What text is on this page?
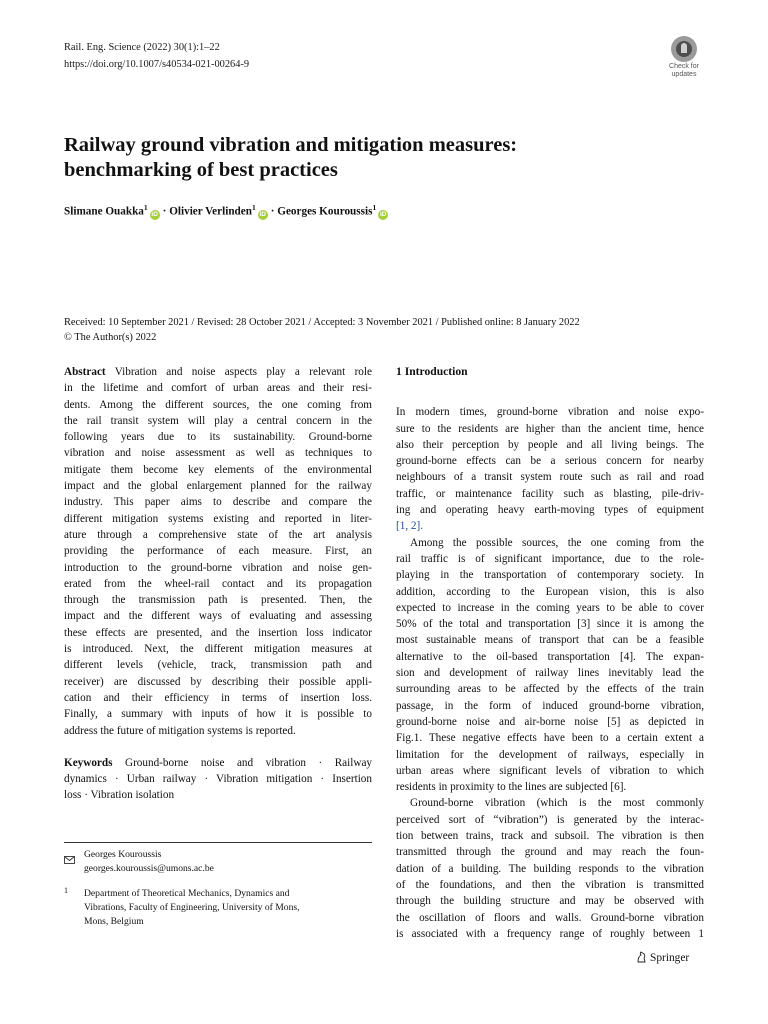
Rail. Eng. Science (2022) 30(1):1–22
https://doi.org/10.1007/s40534-021-00264-9	Check for
updates
Railway ground vibration and mitigation measures:
benchmarking of best practices
Slimane Ouakka$^1$iD · Olivier Verlinden$^1$iD · Georges Kouroussis$^1$iD
Received: 10 September 2021 / Revised: 28 October 2021 / Accepted: 3 November 2021 / Published online: 8 January 2022
© The Author(s) 2022
Abstract Vibration and noise aspects play a relevant role
in the lifetime and comfort of urban areas and their resi-
dents. Among the different sources, the one coming from
the rail transit system will play a central concern in the
following years due to its sustainability. Ground-borne
vibration and noise assessment as well as techniques to
mitigate them become key elements of the environmental
impact and the global enlargement planned for the railway
industry. This paper aims to describe and compare the
different mitigation systems existing and reported in liter-
ature through a comprehensive state of the art analysis
providing the performance of each measure. First, an
introduction to the ground-borne vibration and noise gen-
erated from the wheel-rail contact and its propagation
through the transmission path is presented. Then, the
impact and the different ways of evaluating and assessing
these effects are presented, and the insertion loss indicator
is introduced. Next, the different mitigation measures at
different levels (vehicle, track, transmission path and
receiver) are discussed by describing their possible appli-
cation and their efficiency in terms of insertion loss.
Finally, a summary with inputs of how it is possible to
address the future of mitigation systems is reported.
Keywords Ground-borne noise and vibration · Railway
dynamics · Urban railway · Vibration mitigation · Insertion
loss · Vibration isolation
Georges Kouroussis
georges.kouroussis@umons.ac.be
1 Department of Theoretical Mechanics, Dynamics and
Vibrations, Faculty of Engineering, University of Mons,
Mons, Belgium
1 Introduction
In modern times, ground-borne vibration and noise expo-
sure to the residents are higher than the ancient time, hence
also their perception by people and all living beings. The
ground-borne effects can be a serious concern for nearby
neighbours of a transit system route such as rail and road
traffic, or maintenance facility such as blasting, pile-driv-
ing and operating heavy earth-moving types of equipment
[1, 2].
Among the possible sources, the one coming from the
rail traffic is of significant importance, due to the role-
playing in the transportation of contemporary society. In
addition, according to the European vision, this is also
expected to increase in the coming years to be able to cover
50% of the total and transportation [3] since it is among the
most sustainable means of transport that can be a feasible
alternative to the oil-based transportation [4]. The expan-
sion and development of railway lines inevitably lead the
surrounding areas to be affected by the effects of the train
passage, in the form of induced ground-borne vibration,
ground-borne noise and air-borne noise [5] as depicted in
Fig.1. These negative effects have been to a certain extent a
limitation for the development of railways, especially in
urban areas where significant levels of vibration to which
residents in proximity to the lines are subjected [6].
Ground-borne vibration (which is the most commonly
perceived sort of “vibration”) is generated by the interac-
tion between trains, track and subsoil. The vibration is then
transmitted through the ground and may reach the foun-
dation of a building. The building responds to the vibration
of the foundations, and then the vibration is transmitted
through the building structure and may be observed with
the oscillation of floors and walls. Ground-borne vibration
is associated with a frequency range of roughly between 1
Springer
